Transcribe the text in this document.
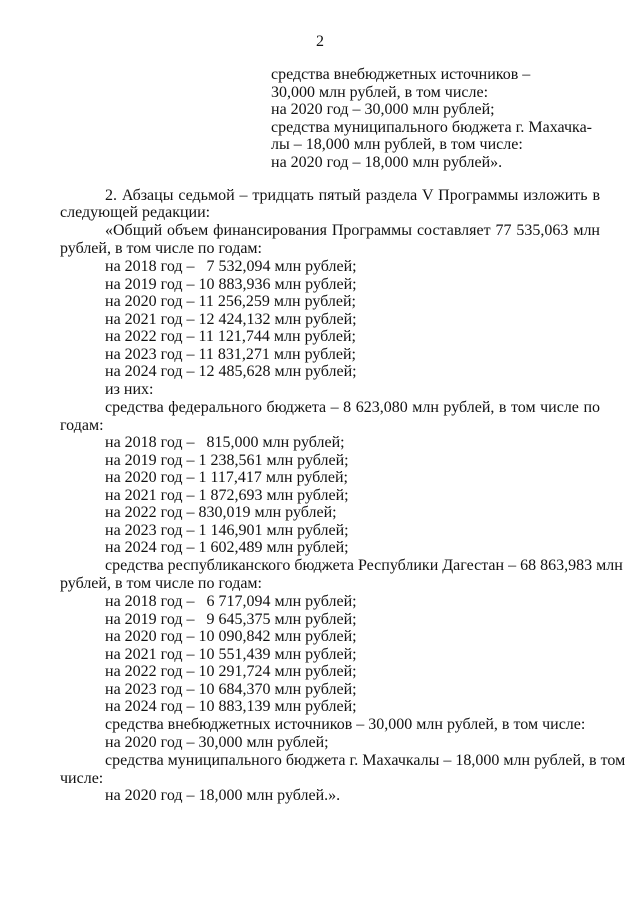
2
средства внебюджетных источников –
30,000 млн рублей, в том числе:
на 2020 год – 30,000 млн рублей;
средства муниципального бюджета г. Махачка-
лы – 18,000 млн рублей, в том числе:
на 2020 год – 18,000 млн рублей».
2. Абзацы седьмой – тридцать пятый раздела V Программы изложить в
следующей редакции:
«Общий объем финансирования Программы составляет 77 535,063 млн
рублей, в том числе по годам:
на 2018 год –   7 532,094 млн рублей;
на 2019 год – 10 883,936 млн рублей;
на 2020 год – 11 256,259 млн рублей;
на 2021 год – 12 424,132 млн рублей;
на 2022 год – 11 121,744 млн рублей;
на 2023 год – 11 831,271 млн рублей;
на 2024 год – 12 485,628 млн рублей;
из них:
средства федерального бюджета – 8 623,080 млн рублей, в том числе по
годам:
на 2018 год –   815,000 млн рублей;
на 2019 год – 1 238,561 млн рублей;
на 2020 год – 1 117,417 млн рублей;
на 2021 год – 1 872,693 млн рублей;
на 2022 год – 830,019 млн рублей;
на 2023 год – 1 146,901 млн рублей;
на 2024 год – 1 602,489 млн рублей;
средства республиканского бюджета Республики Дагестан – 68 863,983 млн
рублей, в том числе по годам:
на 2018 год –   6 717,094 млн рублей;
на 2019 год –   9 645,375 млн рублей;
на 2020 год – 10 090,842 млн рублей;
на 2021 год – 10 551,439 млн рублей;
на 2022 год – 10 291,724 млн рублей;
на 2023 год – 10 684,370 млн рублей;
на 2024 год – 10 883,139 млн рублей;
средства внебюджетных источников – 30,000 млн рублей, в том числе:
на 2020 год – 30,000 млн рублей;
средства муниципального бюджета г. Махачкалы – 18,000 млн рублей, в том
числе:
на 2020 год – 18,000 млн рублей.».
